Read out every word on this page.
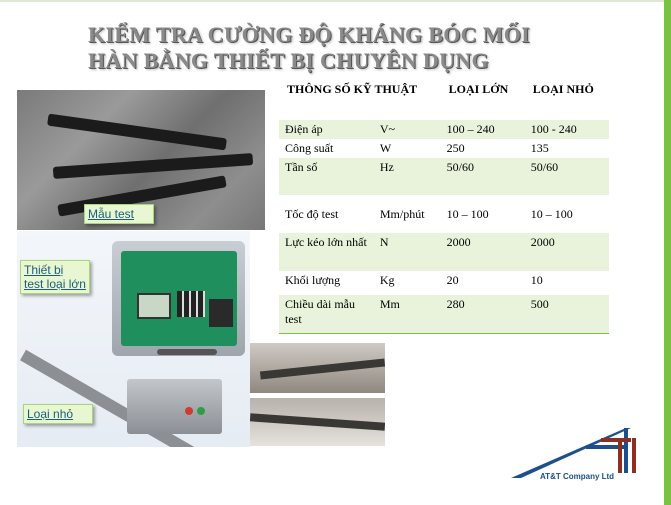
KIỂM TRA CƯỜNG ĐỘ KHÁNG BÓC MỐI
HÀN BẰNG THIẾT BỊ CHUYÊN DỤNG
Mẫu test
Thiết bị test loại lớn
Loại nhỏ
THÔNG SỐ KỸ THUẬT		LOẠI LỚN	LOẠI NHỎ

Điện áp	V~	100 – 240	100 - 240
Công suất	W	250	135
Tần số	Hz	50/60	50/60
Tốc độ test	Mm/phút	10 – 100	10 – 100
Lực kéo lớn nhất	N	2000	2000
Khối lượng	Kg	20	10
Chiều dài mẫu test	Mm	280	500
AT&T Company Ltd
